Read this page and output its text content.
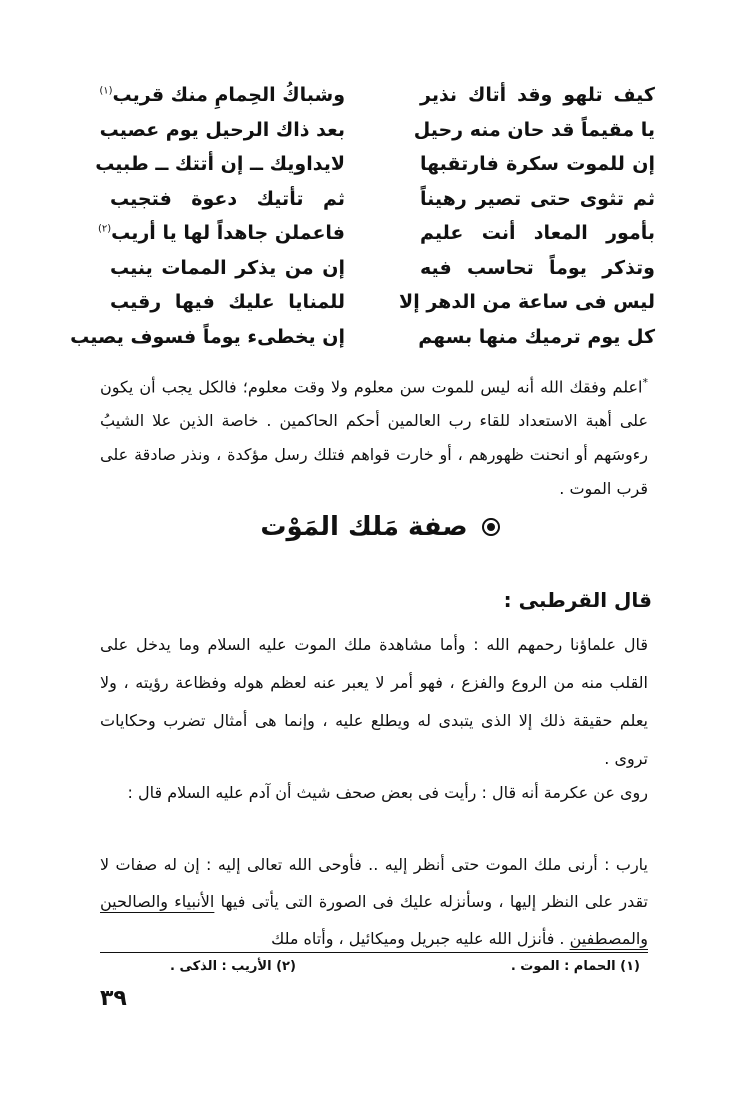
كيف تلهو وقد أتاك نذير
يا مقيماً قد حان منه رحيل
إن للموت سكرة فارتقبها
ثم تثوى حتى تصير رهيناً
بأمور المعاد أنت عليم
وتذكر يوماً تحاسب فيه
ليس فى ساعة من الدهر إلا
كل يوم ترميك منها بسهم
وشباكُ الحِمامِ منك قريب$^{(١)}$
بعد ذاك الرحيل يوم عصيب
لايداويك ــ إن أتتك ــ طبيب
ثم تأتيك دعوة فتجيب
فاعملن جاهداً لها يا أريب$^{(٢)}$
إن من يذكر الممات ينيب
للمنايا عليك فيها رقيب
إن يخطىء يوماً فسوف يصيب
*اعلم وفقك الله أنه ليس للموت سن معلوم ولا وقت معلوم؛ فالكل يجب أن يكون على أهبة الاستعداد للقاء رب العالمين أحكم الحاكمين . خاصة الذين علا الشيبُ رءوسَهم أو انحنت ظهورهم ، أو خارت قواهم فتلك رسل مؤكدة ، ونذر صادقة على قرب الموت .
صفة مَلك المَوْت
قال القرطبى :
قال علماؤنا رحمهم الله : وأما مشاهدة ملك الموت عليه السلام وما يدخل على القلب منه من الروع والفزع ، فهو أمر لا يعبر عنه لعظم هوله وفظاعة رؤيته ، ولا يعلم حقيقة ذلك إلا الذى يتبدى له ويطلع عليه ، وإنما هى أمثال تضرب وحكايات تروى .
روى عن عكرمة أنه قال : رأيت فى بعض صحف شيث أن آدم عليه السلام قال :
يارب : أرنى ملك الموت حتى أنظر إليه .. فأوحى الله تعالى إليه : إن له صفات لا تقدر على النظر إليها ، وسأنزله عليك فى الصورة التى يأتى فيها الأنبياء والصالحين والمصطفين . فأنزل الله عليه جبريل وميكائيل ، وأتاه ملك
(١) الحمام : الموت .
(٢) الأريب : الذكى .
٣٩
